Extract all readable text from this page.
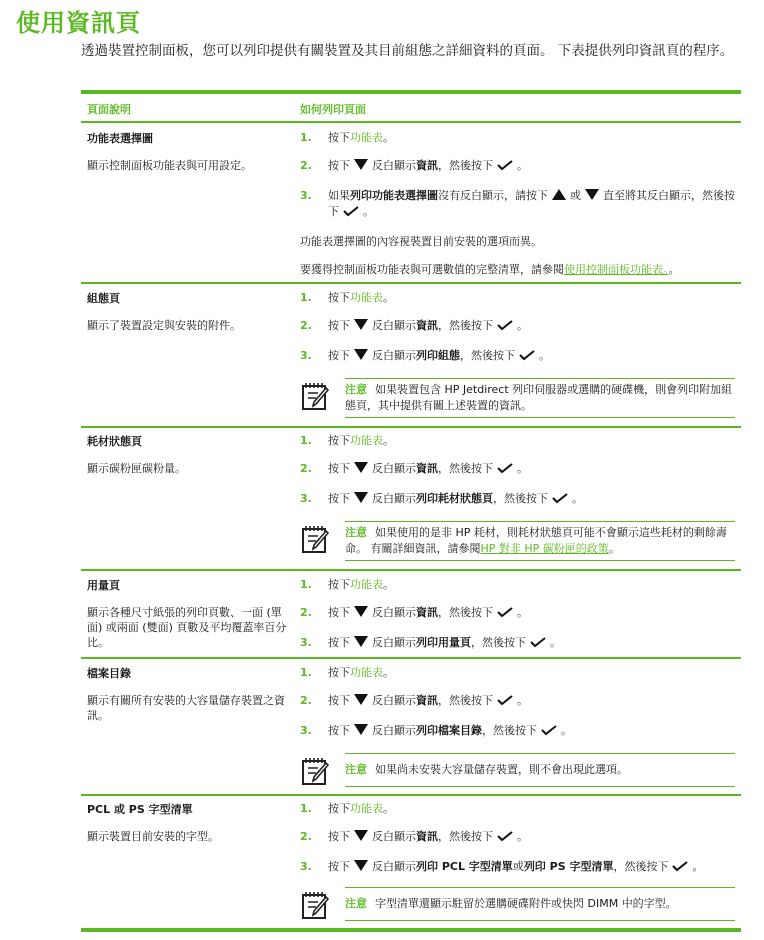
使用資訊頁
透過裝置控制面板，您可以列印提供有關裝置及其目前組態之詳細資料的頁面。 下表提供列印資訊頁的程序。
頁面說明	如何列印頁面
功能表選擇圖
顯示控制面板功能表與可用設定。
1. 按下功能表。
2. 按下 反白顯示資訊，然後按下 。
3. 如果列印功能表選擇圖沒有反白顯示，請按下 或 直至將其反白顯示，然後按下 。
功能表選擇圖的內容視裝置目前安裝的選項而異。
要獲得控制面板功能表與可選數值的完整清單，請參閱使用控制面板功能表。。
組態頁
顯示了裝置設定與安裝的附件。
1. 按下功能表。
2. 按下 反白顯示資訊，然後按下 。
3. 按下 反白顯示列印組態，然後按下 。
注意 如果裝置包含 HP Jetdirect 列印伺服器或選購的硬碟機，則會列印附加組態頁，其中提供有關上述裝置的資訊。
耗材狀態頁
顯示碳粉匣碳粉量。
1. 按下功能表。
2. 按下 反白顯示資訊，然後按下 。
3. 按下 反白顯示列印耗材狀態頁，然後按下 。
注意 如果使用的是非 HP 耗材，則耗材狀態頁可能不會顯示這些耗材的剩餘壽命。 有關詳細資訊，請參閱HP 對非 HP 碳粉匣的政策。
用量頁
顯示各種尺寸紙張的列印頁數、一面 (單面) 或兩面 (雙面) 頁數及平均覆蓋率百分比。
1. 按下功能表。
2. 按下 反白顯示資訊，然後按下 。
3. 按下 反白顯示列印用量頁，然後按下 。
檔案目錄
顯示有關所有安裝的大容量儲存裝置之資訊。
1. 按下功能表。
2. 按下 反白顯示資訊，然後按下 。
3. 按下 反白顯示列印檔案目錄，然後按下 。
注意 如果尚未安裝大容量儲存裝置，則不會出現此選項。
PCL 或 PS 字型清單
顯示裝置目前安裝的字型。
1. 按下功能表。
2. 按下 反白顯示資訊，然後按下 。
3. 按下 反白顯示列印 PCL 字型清單或列印 PS 字型清單，然後按下 。
注意 字型清單還顯示駐留於選購硬碟附件或快閃 DIMM 中的字型。
